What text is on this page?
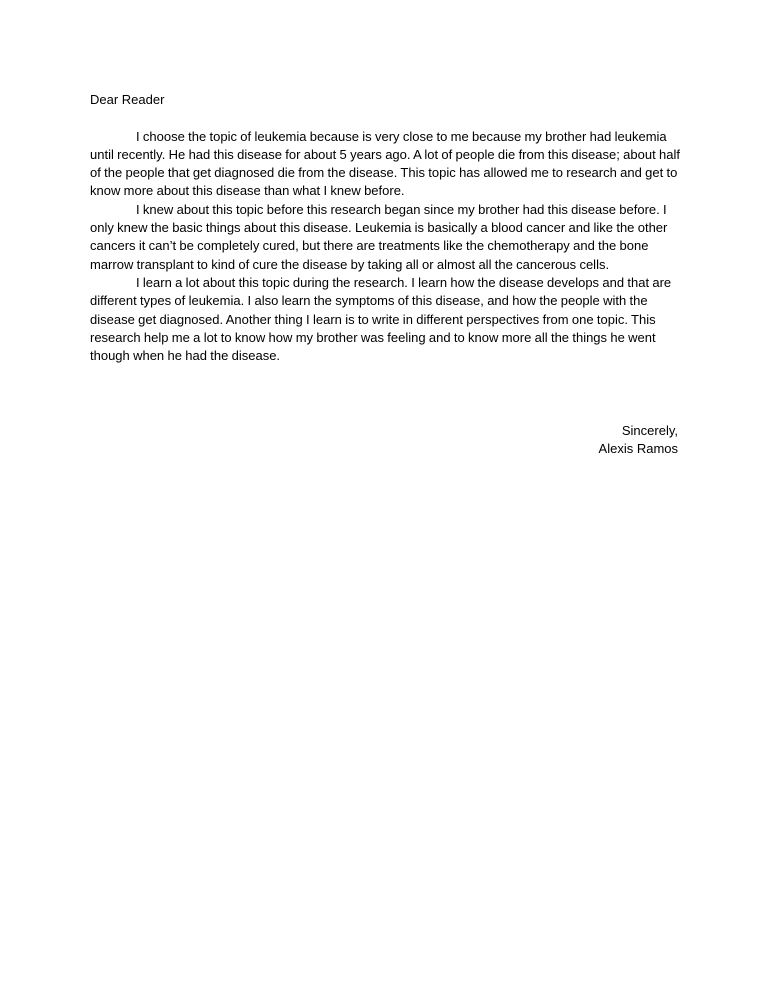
Dear Reader

I choose the topic of leukemia because is very close to me because my brother had leukemia until recently. He had this disease for about 5 years ago. A lot of people die from this disease; about half of the people that get diagnosed die from the disease. This topic has allowed me to research and get to know more about this disease than what I knew before.

I knew about this topic before this research began since my brother had this disease before. I only knew the basic things about this disease. Leukemia is basically a blood cancer and like the other cancers it can’t be completely cured, but there are treatments like the chemotherapy and the bone marrow transplant to kind of cure the disease by taking all or almost all the cancerous cells.

I learn a lot about this topic during the research. I learn how the disease develops and that are different types of leukemia. I also learn the symptoms of this disease, and how the people with the disease get diagnosed. Another thing I learn is to write in different perspectives from one topic. This research help me a lot to know how my brother was feeling and to know more all the things he went though when he had the disease.

Sincerely,
Alexis Ramos
